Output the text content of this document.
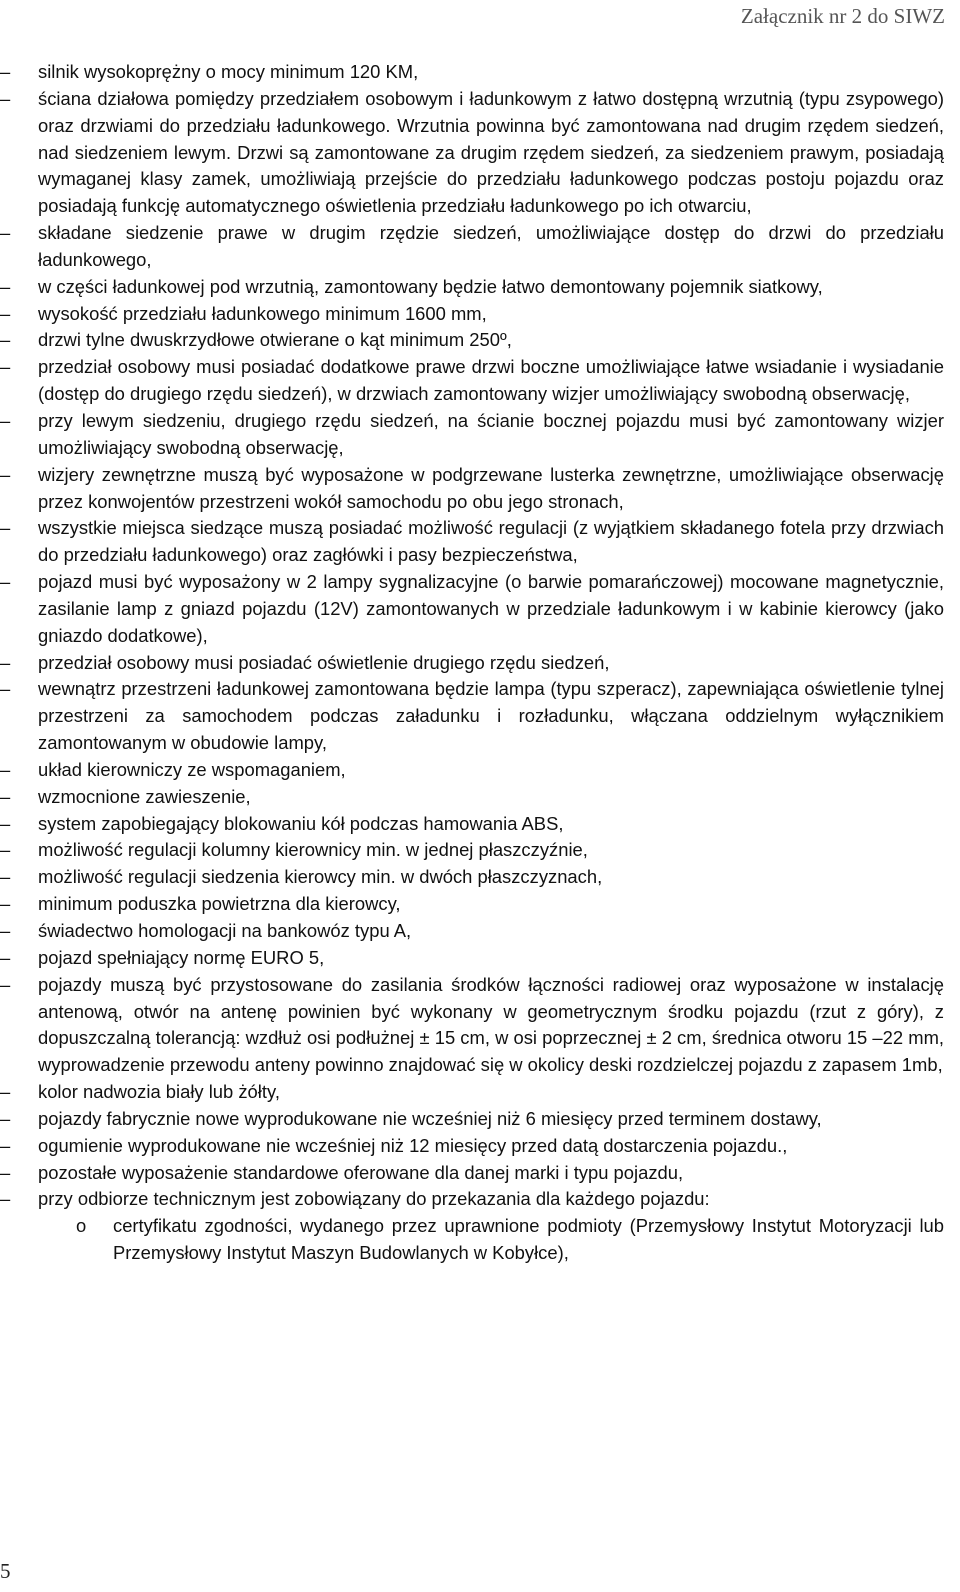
Załącznik nr 2 do SIWZ
– silnik wysokoprężny o mocy minimum 120 KM,
– ściana działowa pomiędzy przedziałem osobowym i ładunkowym z łatwo dostępną wrzutnią (typu zsypowego) oraz drzwiami do przedziału ładunkowego. Wrzutnia powinna być zamontowana nad drugim rzędem siedzeń, nad siedzeniem lewym. Drzwi są zamontowane za drugim rzędem siedzeń, za siedzeniem prawym, posiadają wymaganej klasy zamek, umożliwiają przejście do przedziału ładunkowego podczas postoju pojazdu oraz posiadają funkcję automatycznego oświetlenia przedziału ładunkowego po ich otwarciu,
– składane siedzenie prawe w drugim rzędzie siedzeń, umożliwiające dostęp do drzwi do przedziału ładunkowego,
– w części ładunkowej pod wrzutnią, zamontowany będzie łatwo demontowany pojemnik siatkowy,
– wysokość przedziału ładunkowego minimum 1600 mm,
– drzwi tylne dwuskrzydłowe otwierane o kąt minimum 250º,
– przedział osobowy musi posiadać dodatkowe prawe drzwi boczne umożliwiające łatwe wsiadanie i wysiadanie (dostęp do drugiego rzędu siedzeń), w drzwiach zamontowany wizjer umożliwiający swobodną obserwację,
– przy lewym siedzeniu, drugiego rzędu siedzeń, na ścianie bocznej pojazdu musi być zamontowany wizjer umożliwiający swobodną obserwację,
– wizjery zewnętrzne muszą być wyposażone w podgrzewane lusterka zewnętrzne, umożliwiające obserwację przez konwojentów przestrzeni wokół samochodu po obu jego stronach,
– wszystkie miejsca siedzące muszą posiadać możliwość regulacji (z wyjątkiem składanego fotela przy drzwiach do przedziału ładunkowego) oraz zagłówki i pasy bezpieczeństwa,
– pojazd musi być wyposażony w 2 lampy sygnalizacyjne (o barwie pomarańczowej) mocowane magnetycznie, zasilanie lamp z gniazd pojazdu (12V) zamontowanych w przedziale ładunkowym i w kabinie kierowcy (jako gniazdo dodatkowe),
– przedział osobowy musi posiadać oświetlenie drugiego rzędu siedzeń,
– wewnątrz przestrzeni ładunkowej zamontowana będzie lampa (typu szperacz), zapewniająca oświetlenie tylnej przestrzeni za samochodem podczas załadunku i rozładunku, włączana oddzielnym wyłącznikiem zamontowanym w obudowie lampy,
– układ kierowniczy ze wspomaganiem,
– wzmocnione zawieszenie,
– system zapobiegający blokowaniu kół podczas hamowania ABS,
– możliwość regulacji kolumny kierownicy min. w jednej płaszczyźnie,
– możliwość regulacji siedzenia kierowcy min. w dwóch płaszczyznach,
– minimum poduszka powietrzna dla kierowcy,
– świadectwo homologacji na bankowóz typu A,
– pojazd spełniający normę EURO 5,
– pojazdy muszą być przystosowane do zasilania środków łączności radiowej oraz wyposażone w instalację antenową, otwór na antenę powinien być wykonany w geometrycznym środku pojazdu (rzut z góry), z dopuszczalną tolerancją: wzdłuż osi podłużnej ± 15 cm, w osi poprzecznej ± 2 cm, średnica otworu 15 –22 mm, wyprowadzenie przewodu anteny powinno znajdować się w okolicy deski rozdzielczej pojazdu z zapasem 1mb,
– kolor nadwozia biały lub żółty,
– pojazdy fabrycznie nowe wyprodukowane nie wcześniej niż 6 miesięcy przed terminem dostawy,
– ogumienie wyprodukowane nie wcześniej niż 12 miesięcy przed datą dostarczenia pojazdu.,
– pozostałe wyposażenie standardowe oferowane dla danej marki i typu pojazdu,
– przy odbiorze technicznym jest zobowiązany do przekazania dla każdego pojazdu:
o certyfikatu zgodności, wydanego przez uprawnione podmioty (Przemysłowy Instytut Motoryzacji lub Przemysłowy Instytut Maszyn Budowlanych w Kobyłce),
5
